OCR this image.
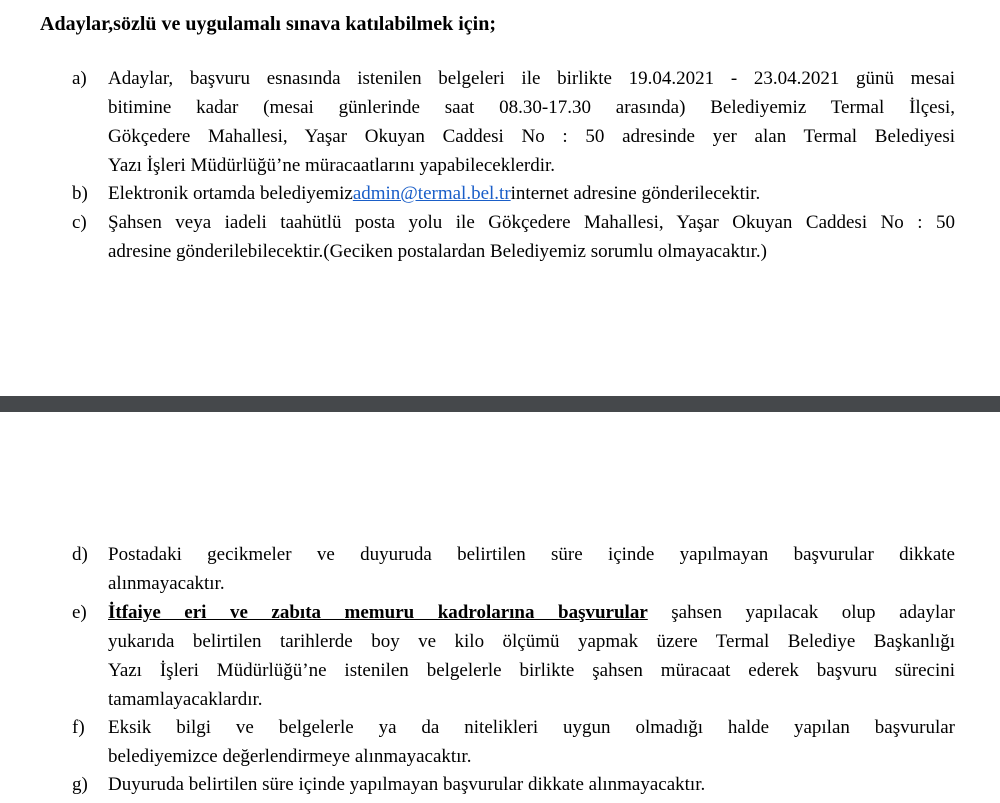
Adaylar,sözlü ve uygulamalı sınava katılabilmek için;
a)	Adaylar, başvuru esnasında istenilen belgeleri ile birlikte 19.04.2021 - 23.04.2021 günü mesai
bitimine kadar (mesai günlerinde saat 08.30-17.30 arasında) Belediyemiz Termal İlçesi,
Gökçedere Mahallesi, Yaşar Okuyan Caddesi No : 50 adresinde yer alan Termal Belediyesi
Yazı İşleri Müdürlüğü’ne müracaatlarını yapabileceklerdir.
b)	Elektronik ortamda belediyemizadmin@termal.bel.trinternet adresine gönderilecektir.
c)	Şahsen veya iadeli taahütlü posta yolu ile Gökçedere Mahallesi, Yaşar Okuyan Caddesi No : 50
adresine gönderilebilecektir.(Geciken postalardan Belediyemiz sorumlu olmayacaktır.)
d)	Postadaki gecikmeler ve duyuruda belirtilen süre içinde yapılmayan başvurular dikkate
alınmayacaktır.
e)	İtfaiye eri ve zabıta memuru kadrolarına başvurular şahsen yapılacak olup adaylar
yukarıda belirtilen tarihlerde boy ve kilo ölçümü yapmak üzere Termal Belediye Başkanlığı
Yazı İşleri Müdürlüğü’ne istenilen belgelerle birlikte şahsen müracaat ederek başvuru sürecini
tamamlayacaklardır.
f)	Eksik bilgi ve belgelerle ya da nitelikleri uygun olmadığı halde yapılan başvurular
belediyemizce değerlendirmeye alınmayacaktır.
g)	Duyuruda belirtilen süre içinde yapılmayan başvurular dikkate alınmayacaktır.
